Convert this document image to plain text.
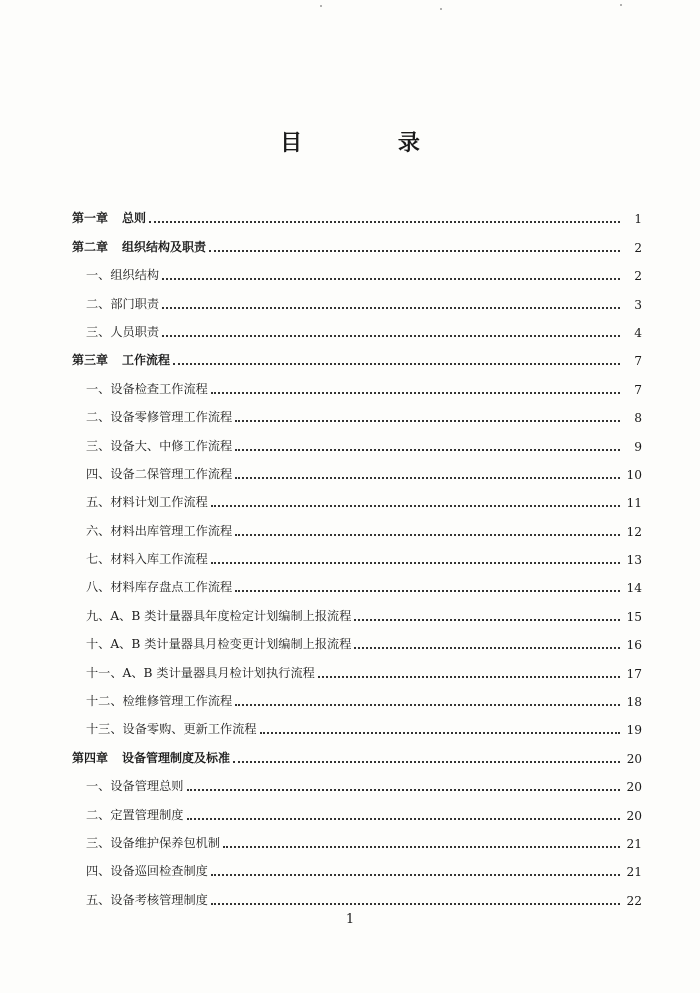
目 录
第一章 总则	1
第二章 组织结构及职责	2
一、组织结构	2
二、部门职责	3
三、人员职责	4
第三章 工作流程	7
一、设备检查工作流程	7
二、设备零修管理工作流程	8
三、设备大、中修工作流程	9
四、设备二保管理工作流程	10
五、材料计划工作流程	11
六、材料出库管理工作流程	12
七、材料入库工作流程	13
八、材料库存盘点工作流程	14
九、A、B 类计量器具年度检定计划编制上报流程	15
十、A、B 类计量器具月检变更计划编制上报流程	16
十一、A、B 类计量器具月检计划执行流程	17
十二、检维修管理工作流程	18
十三、设备零购、更新工作流程	19
第四章 设备管理制度及标准	20
一、设备管理总则	20
二、定置管理制度	20
三、设备维护保养包机制	21
四、设备巡回检查制度	21
五、设备考核管理制度	22
1
